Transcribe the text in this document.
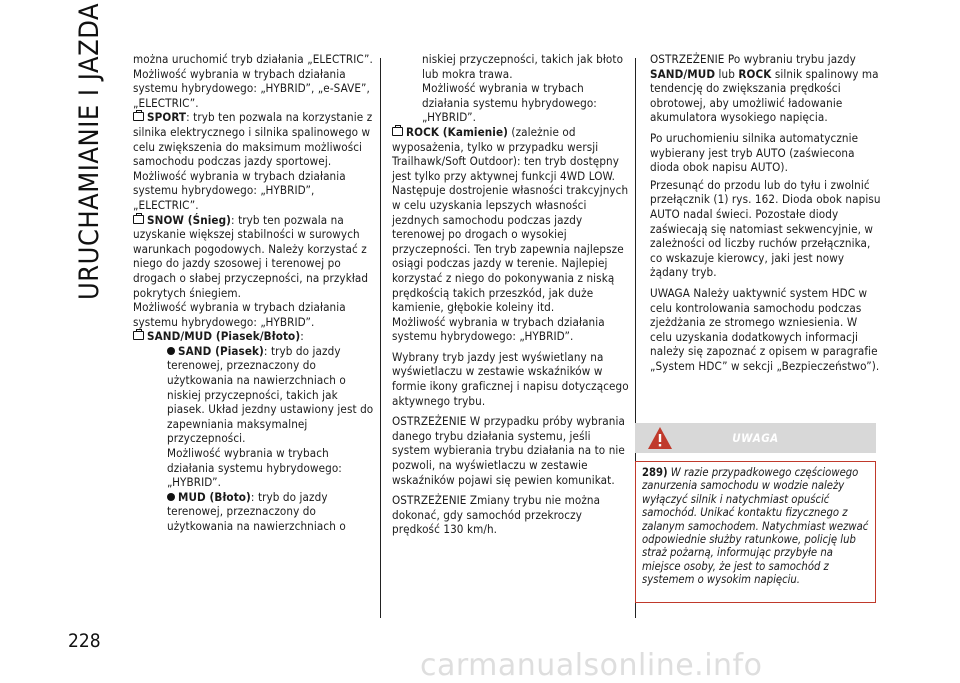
URUCHAMIANIE I JAZDA
228
carmanualsonline.info

można uruchomić tryb działania „ELECTRIC”.

Możliwość wybrania w trybach działania systemu hybrydowego: „HYBRID”, „e-SAVE”, „ELECTRIC”.

SPORT: tryb ten pozwala na korzystanie z silnika elektrycznego i silnika spalinowego w celu zwiększenia do maksimum możliwości samochodu podczas jazdy sportowej.

Możliwość wybrania w trybach działania systemu hybrydowego: „HYBRID”, „ELECTRIC”.

SNOW (Śnieg): tryb ten pozwala na uzyskanie większej stabilności w surowych warunkach pogodowych. Należy korzystać z niego do jazdy szosowej i terenowej po drogach o słabej przyczepności, na przykład pokrytych śniegiem.

Możliwość wybrania w trybach działania systemu hybrydowego: „HYBRID”.

SAND/MUD (Piasek/Błoto):

SAND (Piasek): tryb do jazdy terenowej, przeznaczony do użytkowania na nawierzchniach o niskiej przyczepności, takich jak piasek. Układ jezdny ustawiony jest do zapewniania maksymalnej przyczepności.

Możliwość wybrania w trybach działania systemu hybrydowego: „HYBRID”.

MUD (Błoto): tryb do jazdy terenowej, przeznaczony do użytkowania na nawierzchniach o

niskiej przyczepności, takich jak błoto lub mokra trawa.

Możliwość wybrania w trybach działania systemu hybrydowego: „HYBRID”.

ROCK (Kamienie) (zależnie od wyposażenia, tylko w przypadku wersji Trailhawk/Soft Outdoor): ten tryb dostępny jest tylko przy aktywnej funkcji 4WD LOW. Następuje dostrojenie własności trakcyjnych w celu uzyskania lepszych własności jezdnych samochodu podczas jazdy terenowej po drogach o wysokiej przyczepności. Ten tryb zapewnia najlepsze osiągi podczas jazdy w terenie. Najlepiej korzystać z niego do pokonywania z niską prędkością takich przeszkód, jak duże kamienie, głębokie koleiny itd.

Możliwość wybrania w trybach działania systemu hybrydowego: „HYBRID”.

Wybrany tryb jazdy jest wyświetlany na wyświetlaczu w zestawie wskaźników w formie ikony graficznej i napisu dotyczącego aktywnego trybu.

OSTRZEŻENIE W przypadku próby wybrania danego trybu działania systemu, jeśli system wybierania trybu działania na to nie pozwoli, na wyświetlaczu w zestawie wskaźników pojawi się pewien komunikat.

OSTRZEŻENIE Zmiany trybu nie można dokonać, gdy samochód przekroczy prędkość 130 km/h.

OSTRZEŻENIE Po wybraniu trybu jazdy SAND/MUD lub ROCK silnik spalinowy ma tendencję do zwiększania prędkości obrotowej, aby umożliwić ładowanie akumulatora wysokiego napięcia.

Po uruchomieniu silnika automatycznie wybierany jest tryb AUTO (zaświecona dioda obok napisu AUTO).

Przesunąć do przodu lub do tyłu i zwolnić przełącznik (1) rys. 162. Dioda obok napisu AUTO nadal świeci. Pozostałe diody zaświecają się natomiast sekwencyjnie, w zależności od liczby ruchów przełącznika, co wskazuje kierowcy, jaki jest nowy żądany tryb.

UWAGA Należy uaktywnić system HDC w celu kontrolowania samochodu podczas zjeżdżania ze stromego wzniesienia. W celu uzyskania dodatkowych informacji należy się zapoznać z opisem w paragrafie „System HDC” w sekcji „Bezpieczeństwo”).

UWAGA
289) W razie przypadkowego częściowego zanurzenia samochodu w wodzie należy wyłączyć silnik i natychmiast opuścić samochód. Unikać kontaktu fizycznego z zalanym samochodem. Natychmiast wezwać odpowiednie służby ratunkowe, policję lub straż pożarną, informując przybyłe na miejsce osoby, że jest to samochód z systemem o wysokim napięciu.
